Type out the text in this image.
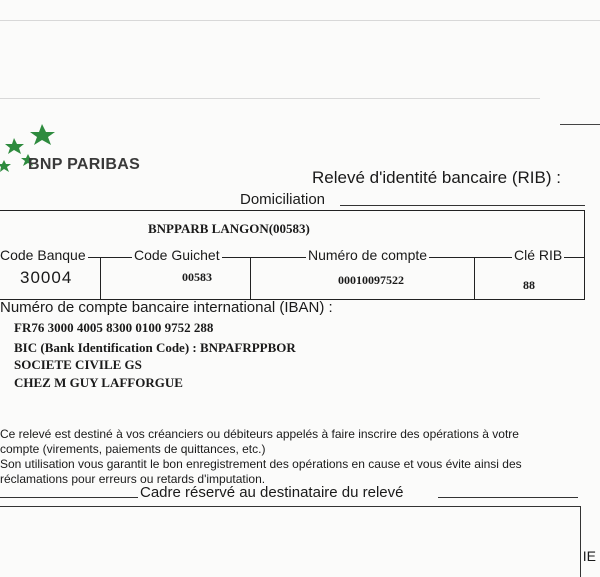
BNP PARIBAS
Relevé d'identité bancaire (RIB) :
Domiciliation
BNPPARB LANGON(00583)
Code Banque	Code Guichet	Numéro de compte	Clé RIB
30004	00583	00010097522	88
Numéro de compte bancaire international (IBAN) :
FR76 3000 4005 8300 0100 9752 288
BIC (Bank Identification Code) : BNPAFRPPBOR
SOCIETE CIVILE GS
CHEZ M GUY LAFFORGUE
Ce relevé est destiné à vos créanciers ou débiteurs appelés à faire inscrire des opérations à votre
compte (virements, paiements de quittances, etc.)
Son utilisation vous garantit le bon enregistrement des opérations en cause et vous évite ainsi des
réclamations pour erreurs ou retards d'imputation.
Cadre réservé au destinataire du relevé
IE
